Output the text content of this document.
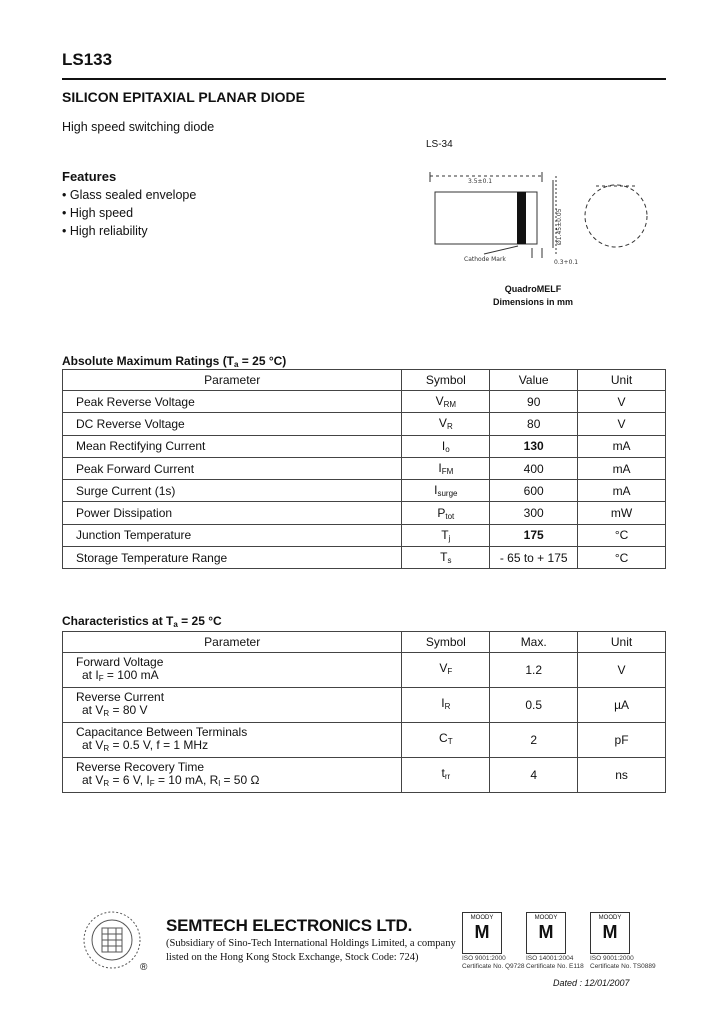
LS133
SILICON EPITAXIAL PLANAR DIODE
High speed switching diode
Features
• Glass sealed envelope
• High speed
• High reliability
LS-34
3.5±0.1
Ø1.45±0.05
0.3+0.1
Cathode Mark
QuadroMELF
Dimensions in mm
Absolute Maximum Ratings ($T_a = 25$ °C)
Parameter	Symbol	Value	Unit
Peak Reverse Voltage	$V_{RM}$	90	V
DC Reverse Voltage	$V_R$	80	V
Mean Rectifying Current	$I_o$	130	mA
Peak Forward Current	$I_{FM}$	400	mA
Surge Current (1s)	$I_{surge}$	600	mA
Power Dissipation	$P_{tot}$	300	mW
Junction Temperature	$T_j$	175	°C
Storage Temperature Range	$T_s$	- 65 to + 175	°C
Characteristics at $T_a = 25$ °C
Parameter	Symbol	Max.	Unit

Forward Voltage
at $I_F = 100$ mA	$V_F$	1.2	V

Reverse Current
at $V_R = 80$ V	$I_R$	0.5	µA

Capacitance Between Terminals
at $V_R = 0.5$ V, f = 1 MHz	$C_T$	2	pF

Reverse Recovery Time
at $V_R = 6$ V, $I_F = 10$ mA, $R_l = 50$ Ω	$t_{rr}$	4	ns
®
SEMTECH ELECTRONICS LTD.
(Subsidiary of Sino-Tech International Holdings Limited, a company
listed on the Hong Kong Stock Exchange, Stock Code: 724)
MOODY
M
MOODY
M
MOODY
M
ISO 9001:2000
Certificate No. Q9728
ISO 14001:2004
Certificate No. E118
ISO 9001:2000
Certificate No. TS0889
Dated : 12/01/2007
